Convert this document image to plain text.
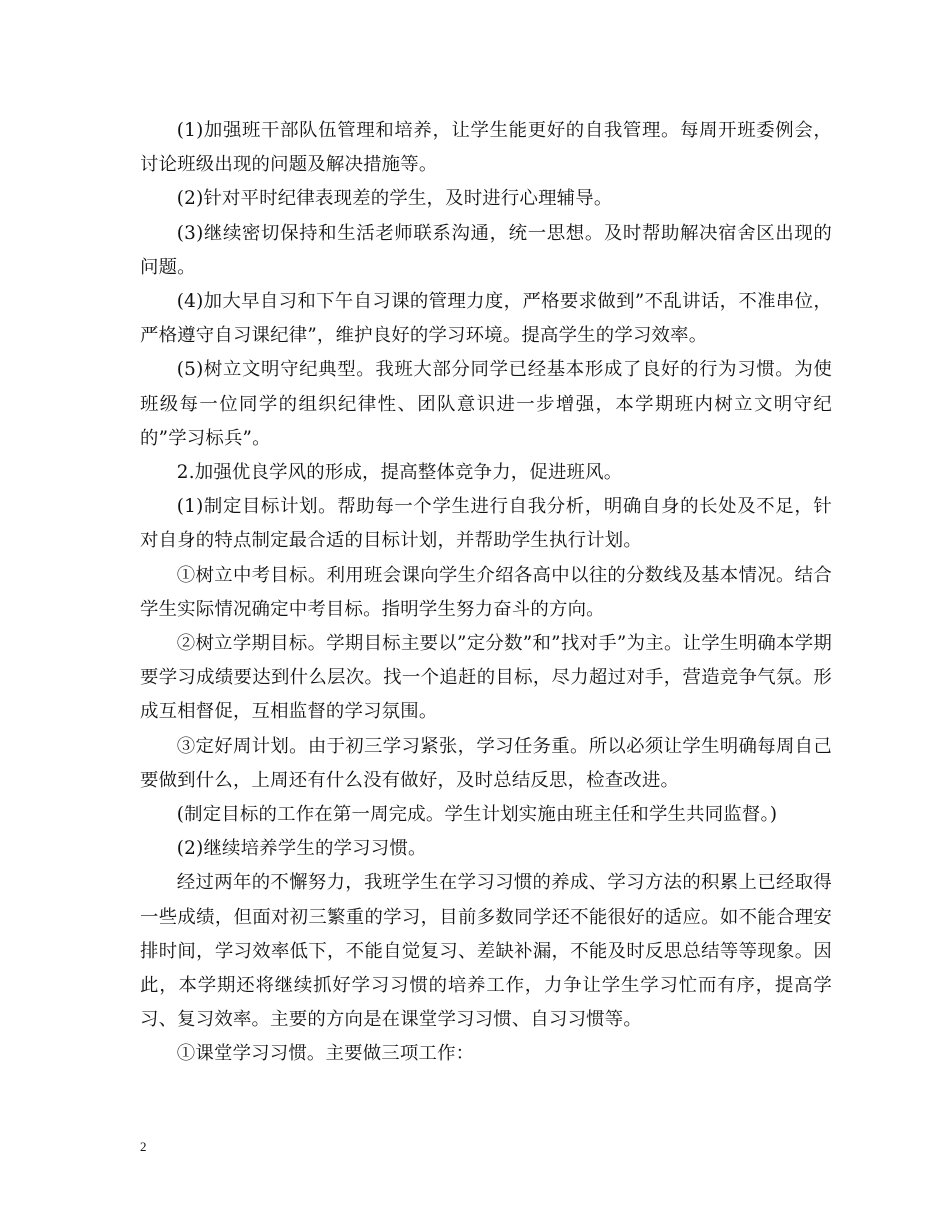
(1)加强班干部队伍管理和培养，让学生能更好的自我管理。每周开班委例会，讨论班级出现的问题及解决措施等。

(2)针对平时纪律表现差的学生，及时进行心理辅导。

(3)继续密切保持和生活老师联系沟通，统一思想。及时帮助解决宿舍区出现的问题。

(4)加大早自习和下午自习课的管理力度，严格要求做到”不乱讲话，不准串位，严格遵守自习课纪律”，维护良好的学习环境。提高学生的学习效率。

(5)树立文明守纪典型。我班大部分同学已经基本形成了良好的行为习惯。为使班级每一位同学的组织纪律性、团队意识进一步增强，本学期班内树立文明守纪的”学习标兵”。

2.加强优良学风的形成，提高整体竞争力，促进班风。

(1)制定目标计划。帮助每一个学生进行自我分析，明确自身的长处及不足，针对自身的特点制定最合适的目标计划，并帮助学生执行计划。

①树立中考目标。利用班会课向学生介绍各高中以往的分数线及基本情况。结合学生实际情况确定中考目标。指明学生努力奋斗的方向。

②树立学期目标。学期目标主要以”定分数”和”找对手”为主。让学生明确本学期要学习成绩要达到什么层次。找一个追赶的目标，尽力超过对手，营造竞争气氛。形成互相督促，互相监督的学习氛围。

③定好周计划。由于初三学习紧张，学习任务重。所以必须让学生明确每周自己要做到什么，上周还有什么没有做好，及时总结反思，检查改进。

(制定目标的工作在第一周完成。学生计划实施由班主任和学生共同监督。)

(2)继续培养学生的学习习惯。

经过两年的不懈努力，我班学生在学习习惯的养成、学习方法的积累上已经取得一些成绩，但面对初三繁重的学习，目前多数同学还不能很好的适应。如不能合理安排时间，学习效率低下，不能自觉复习、差缺补漏，不能及时反思总结等等现象。因此，本学期还将继续抓好学习习惯的培养工作，力争让学生学习忙而有序，提高学习、复习效率。主要的方向是在课堂学习习惯、自习习惯等。

①课堂学习习惯。主要做三项工作：

2
